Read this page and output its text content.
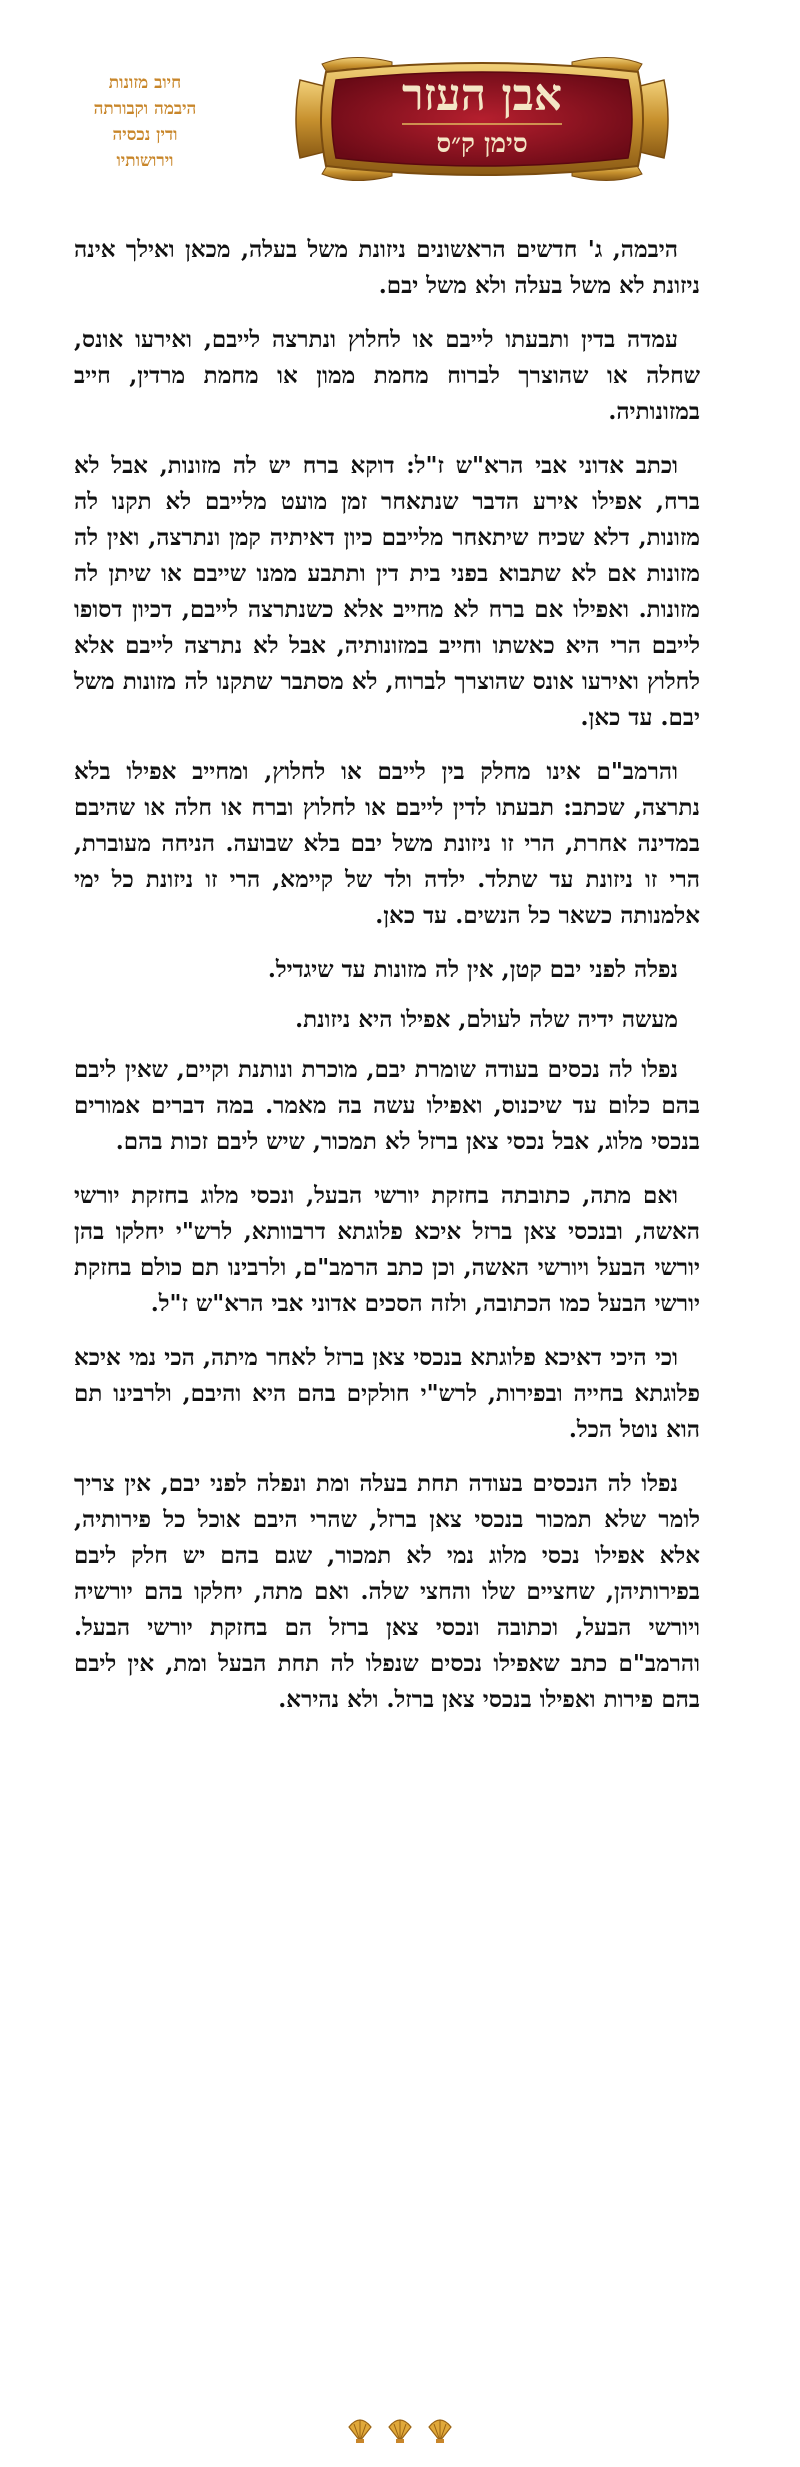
חיוב מזונות
היבמה וקבורתה
ודין נכסיה
וירושותיו
אבן העזר
סימן ק״ס

היבמה, ג' חדשים הראשונים ניזונת משל בעלה, מכאן ואילך אינה ניזונת לא משל בעלה ולא משל יבם.

עמדה בדין ותבעתו לייבם או לחלוץ ונתרצה לייבם, ואירעו אונס, שחלה או שהוצרך לברוח מחמת ממון או מחמת מרדין, חייב במזונותיה.

וכתב אדוני אבי הרא"ש ז"ל: דוקא ברח יש לה מזונות, אבל לא ברח, אפילו אירע הדבר שנתאחר זמן מועט מלייבם לא תקנו לה מזונות, דלא שכיח שיתאחר מלייבם כיון דאיתיה קמן ונתרצה, ואין לה מזונות אם לא שתבוא בפני בית דין ותתבע ממנו שייבם או שיתן לה מזונות. ואפילו אם ברח לא מחייב אלא כשנתרצה לייבם, דכיון דסופו לייבם הרי היא כאשתו וחייב במזונותיה, אבל לא נתרצה לייבם אלא לחלוץ ואירעו אונס שהוצרך לברוח, לא מסתבר שתקנו לה מזונות משל יבם. עד כאן.

והרמב"ם אינו מחלק בין לייבם או לחלוץ, ומחייב אפילו בלא נתרצה, שכתב: תבעתו לדין לייבם או לחלוץ וברח או חלה או שהיבם במדינה אחרת, הרי זו ניזונת משל יבם בלא שבועה. הניחה מעוברת, הרי זו ניזונת עד שתלד. ילדה ולד של קיימא, הרי זו ניזונת כל ימי אלמנותה כשאר כל הנשים. עד כאן.

נפלה לפני יבם קטן, אין לה מזונות עד שיגדיל.

מעשה ידיה שלה לעולם, אפילו היא ניזונת.

נפלו לה נכסים בעודה שומרת יבם, מוכרת ונותנת וקיים, שאין ליבם בהם כלום עד שיכנוס, ואפילו עשה בה מאמר. במה דברים אמורים בנכסי מלוג, אבל נכסי צאן ברזל לא תמכור, שיש ליבם זכות בהם.

ואם מתה, כתובתה בחזקת יורשי הבעל, ונכסי מלוג בחזקת יורשי האשה, ובנכסי צאן ברזל איכא פלוגתא דרבוותא, לרש"י יחלקו בהן יורשי הבעל ויורשי האשה, וכן כתב הרמב"ם, ולרבינו תם כולם בחזקת יורשי הבעל כמו הכתובה, ולזה הסכים אדוני אבי הרא"ש ז"ל.

וכי היכי דאיכא פלוגתא בנכסי צאן ברזל לאחר מיתה, הכי נמי איכא פלוגתא בחייה ובפירות, לרש"י חולקים בהם היא והיבם, ולרבינו תם הוא נוטל הכל.

נפלו לה הנכסים בעודה תחת בעלה ומת ונפלה לפני יבם, אין צריך לומר שלא תמכור בנכסי צאן ברזל, שהרי היבם אוכל כל פירותיה, אלא אפילו נכסי מלוג נמי לא תמכור, שגם בהם יש חלק ליבם בפירותיהן, שחציים שלו והחצי שלה. ואם מתה, יחלקו בהם יורשיה ויורשי הבעל, וכתובה ונכסי צאן ברזל הם בחזקת יורשי הבעל. והרמב"ם כתב שאפילו נכסים שנפלו לה תחת הבעל ומת, אין ליבם בהם פירות ואפילו בנכסי צאן ברזל. ולא נהירא.
